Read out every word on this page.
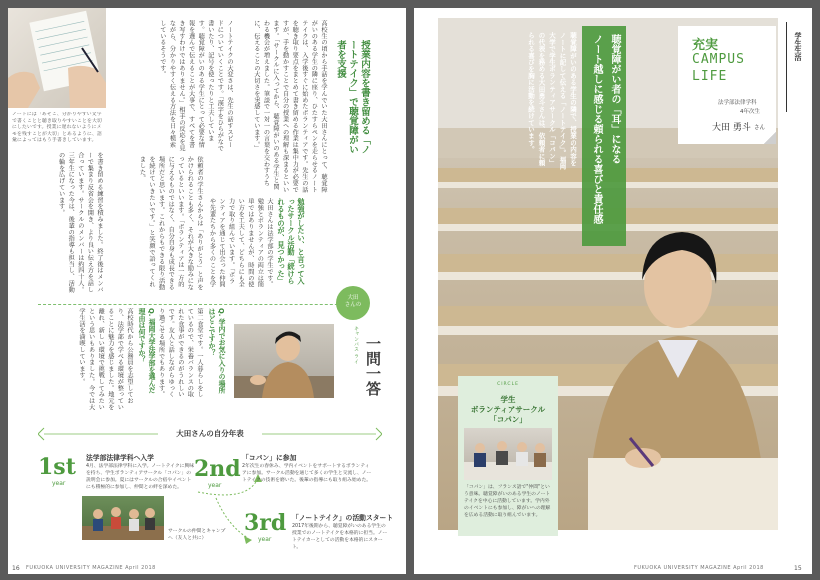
ノートには「あそこ、分かりやすい文字で書くことと聴き取りやすいことを大切にしたいです。授業に遅れないようにメモを残すことが大切」とあるように、語彙によってはもう手書きしています。	授業内容を書き留める「ノートテイク」で聴覚障がい者を支援
高校生の頃から手話を学んでいた大田さんにとって、聴覚障がいのある学生の隣に座り、ひたすらペンを走らせるノートテイクは、入学後すぐに始めたボランティアです。先生の話を聴き取り要点をまとめて書き留める作業は集中力が必要ですが、手を動かすことで自分の授業への理解も深まるといいます。「サークルに入ってから、聴覚障がいのある学生と関わる機会が増えました。筆談で一対一の言葉を交わすうちに、伝えることの大切さを実感しています。」
ノートテイクの大変さは、先生の話すスピードについていくことです。「漢字をひらがなで書いたり、記号を使ったりと工夫しています。聴覚障がいのある学生にとって必要な情報を選んで伝えることが大事で、すべてを書き写すわけではありません。」相手の反応を見ながら、分かりやすく伝える方法を日々模索しているそうです。
を書き留める練習を積みました。終了後はメンバーで集まり反省会を開き、より良い伝え方を話し合っています。サークルのメンバーは約四十人。三年生になった今は、後輩の指導も担当し、活動の輪を広げています。
勉強がしたい、と言って入ったサークル活動「続けられるものが、見つかった」
大田さんは法学部の学生です。勉強とボランティアの両立は簡単ではありませんが、時間の使い方を工夫して、どちらにも全力で取り組んでいます。「ボランティアを通じて出会った仲間や先輩たちから多くのことを学
依頼者の学生さんからは「ありがとう」と声をかけられることも多く、それが大きな励みになっているといいます。「ボランティアは一方的に与えるものではなく、自分自身も成長できる場所だと思います。これからもできる限り活動を続けていきたいです。」と笑顔で語ってくれました。
大田
さんの
キャンパス ライ 一問一答
Q. 学内でお気に入りの場所はどこですか？
第二食堂です。一人暮らしをしているので、栄養バランスの取れた食事ができるのがうれしいです。友人と話しながらゆっくり過ごせる場所でもあります。
Q. 福岡大学法学部を選んだ理由は何ですか？
高校時代から公務員を志望しており、法学部で学べる環境が整っていることに魅力を感じました。地元を離れ、新しい環境で挑戦してみたいという思いもありました。今では大学生活を満喫しています。
大田さんの自分年表
1st
year
法学部法律学科へ入学
4月、法学部法律学科に入学。ノートテイクに興味を持ち、学生ボランティアサークル「コパン」の説明会に参加。夏にはサークルの合宿やイベントにも積極的に参加し、仲間との絆を深めた。
サークルの仲間とキャンプへ（友人と共に）
2nd
year
「コパン」に参加
2年次生の春休み、学内イベントをサポートするボランティアに参加。サークル活動を通じて多くの学生と交流し、ノートテイクの技術を磨いた。後輩の指導にも取り組み始めた。
3rd
year
「ノートテイク」の活動スタート
2017年後期から、聴覚障がいのある学生の授業でのノートテイクを本格的に担当。ノートテイカーとしての活動を本格的にスタート。
16 FUKUOKA UNIVERSITY MAGAZINE April 2018
学生生活
充実
CAMPUS
LIFE
法学部法律学科
4年次生
大田 勇斗 さん
ノート越しに感じる頼られる喜びと責任感 聴覚障がい者の「耳」になる
聴覚障がいのある学生の隣で、授業の内容をノートに記して伝える「ノートテイク」。福岡大学で学生ボランティアサークル「コパン」の代表を務める大田勇斗さんは、依頼者に頼られる喜びを胸に活動を続けています。
CIRCLE
学生
ボランティアサークル
「コパン」
「コパン」は、フランス語で"仲間"という意味。聴覚障がいのある学生のノートテイクを中心に活動しています。学内外のイベントにも参加し、障がいへの理解を広める活動に取り組んでいます。
FUKUOKA UNIVERSITY MAGAZINE April 2018	15
